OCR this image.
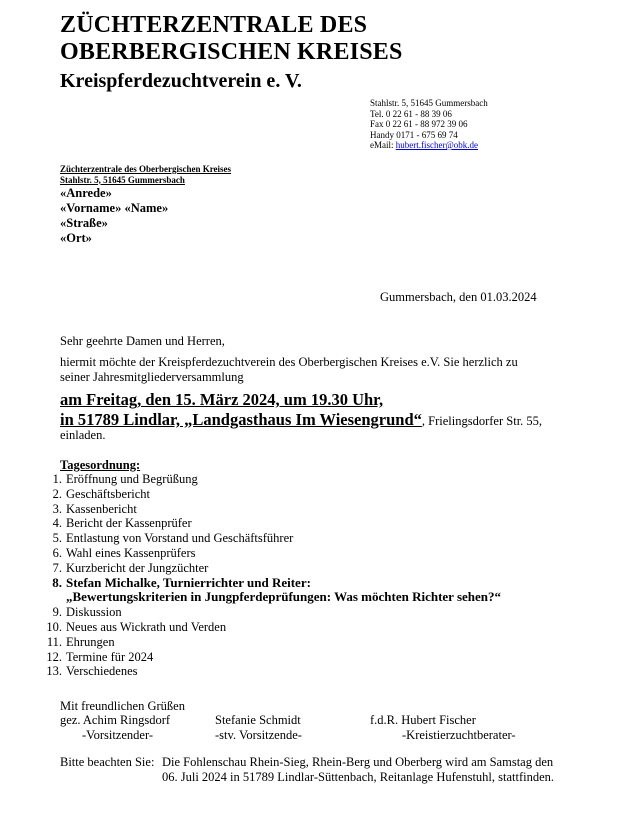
ZÜCHTERZENTRALE DES
OBERBERGISCHEN KREISES
Kreispferdezuchtverein e. V.
Stahlstr. 5, 51645 Gummersbach
Tel. 0 22 61 - 88 39 06
Fax 0 22 61 - 88 972 39 06
Handy 0171 - 675 69 74
eMail: hubert.fischer@obk.de
Züchterzentrale des Oberbergischen Kreises
Stahlstr. 5, 51645 Gummersbach
«Anrede»
«Vorname» «Name»
«Straße»
«Ort»
Gummersbach, den 01.03.2024
Sehr geehrte Damen und Herren,
hiermit möchte der Kreispferdezuchtverein des Oberbergischen Kreises e.V. Sie herzlich zu
seiner Jahresmitgliederversammlung
am Freitag, den 15. März 2024, um 19.30 Uhr,
in 51789 Lindlar, „Landgasthaus Im Wiesengrund“, Frielingsdorfer Str. 55,
einladen.
Tagesordnung:
1. Eröffnung und Begrüßung
2. Geschäftsbericht
3. Kassenbericht
4. Bericht der Kassenprüfer
5. Entlastung von Vorstand und Geschäftsführer
6. Wahl eines Kassenprüfers
7. Kurzbericht der Jungzüchter
8. Stefan Michalke, Turnierrichter und Reiter:
„Bewertungskriterien in Jungpferdeprüfungen: Was möchten Richter sehen?“
9. Diskussion
10. Neues aus Wickrath und Verden
11. Ehrungen
12. Termine für 2024
13. Verschiedenes
Mit freundlichen Grüßen
gez. Achim Ringsdorf
-Vorsitzender-
Stefanie Schmidt
-stv. Vorsitzende-
f.d.R. Hubert Fischer
-Kreistierzuchtberater-
Bitte beachten Sie: Die Fohlenschau Rhein-Sieg, Rhein-Berg und Oberberg wird am Samstag den
06. Juli 2024 in 51789 Lindlar-Süttenbach, Reitanlage Hufenstuhl, stattfinden.
